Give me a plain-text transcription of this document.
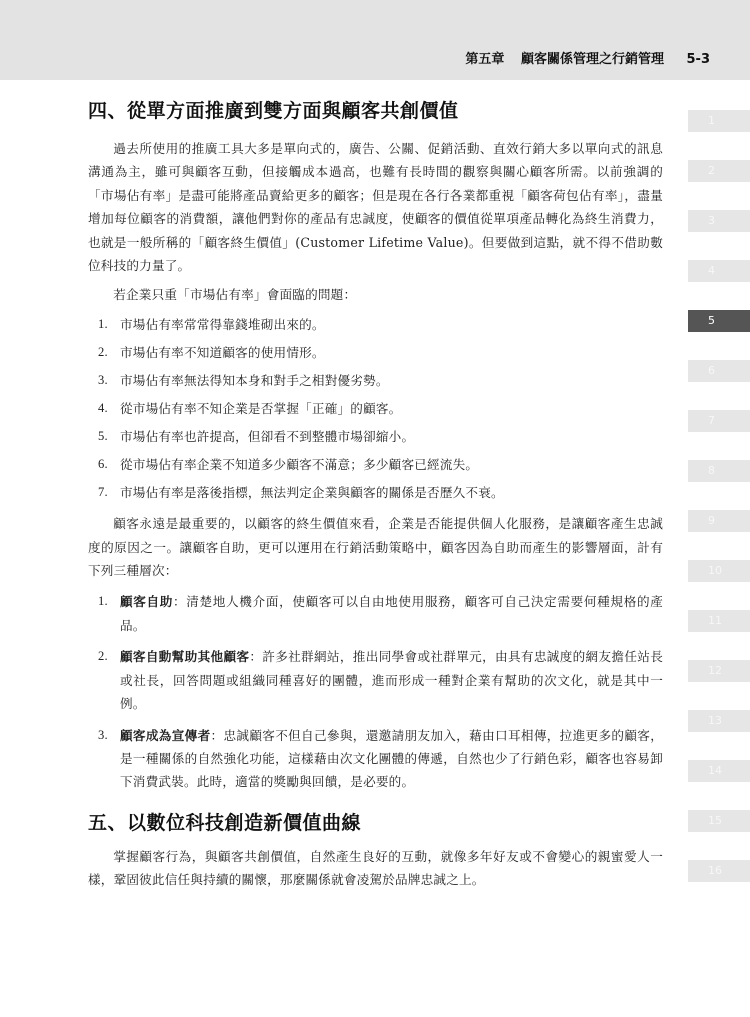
第五章 顧客關係管理之行銷管理 5-3
1
2
3
4
5
6
7
8
9
10
11
12
13
14
15
16
四、從單方面推廣到雙方面與顧客共創價值

過去所使用的推廣工具大多是單向式的，廣告、公關、促銷活動、直效行銷大多以單向式的訊息溝通為主，雖可與顧客互動，但接觸成本過高，也難有長時間的觀察與關心顧客所需。以前強調的「市場佔有率」是盡可能將產品賣給更多的顧客；但是現在各行各業都重視「顧客荷包佔有率」，盡量增加每位顧客的消費額，讓他們對你的產品有忠誠度，使顧客的價值從單項產品轉化為終生消費力，也就是一般所稱的「顧客終生價值」(Customer Lifetime Value)。但要做到這點，就不得不借助數位科技的力量了。

若企業只重「市場佔有率」會面臨的問題：

1. 市場佔有率常常得靠錢堆砌出來的。
2. 市場佔有率不知道顧客的使用情形。
3. 市場佔有率無法得知本身和對手之相對優劣勢。
4. 從市場佔有率不知企業是否掌握「正確」的顧客。
5. 市場佔有率也許提高，但卻看不到整體市場卻縮小。
6. 從市場佔有率企業不知道多少顧客不滿意；多少顧客已經流失。
7. 市場佔有率是落後指標，無法判定企業與顧客的關係是否歷久不衰。

顧客永遠是最重要的，以顧客的終生價值來看，企業是否能提供個人化服務，是讓顧客產生忠誠度的原因之一。讓顧客自助，更可以運用在行銷活動策略中，顧客因為自助而產生的影響層面，計有下列三種層次：

1. 顧客自助：清楚地人機介面，使顧客可以自由地使用服務，顧客可自己決定需要何種規格的產品。
2. 顧客自動幫助其他顧客：許多社群網站，推出同學會或社群單元，由具有忠誠度的網友擔任站長或社長，回答問題或組織同種喜好的團體，進而形成一種對企業有幫助的次文化，就是其中一例。
3. 顧客成為宣傳者：忠誠顧客不但自己參與，還邀請朋友加入，藉由口耳相傳，拉進更多的顧客，是一種關係的自然強化功能，這樣藉由次文化團體的傳遞，自然也少了行銷色彩，顧客也容易卸下消費武裝。此時，適當的獎勵與回饋，是必要的。
五、以數位科技創造新價值曲線

掌握顧客行為，與顧客共創價值，自然產生良好的互動，就像多年好友或不會變心的親蜜愛人一樣，鞏固彼此信任與持續的關懷，那麼關係就會凌駕於品牌忠誠之上。
